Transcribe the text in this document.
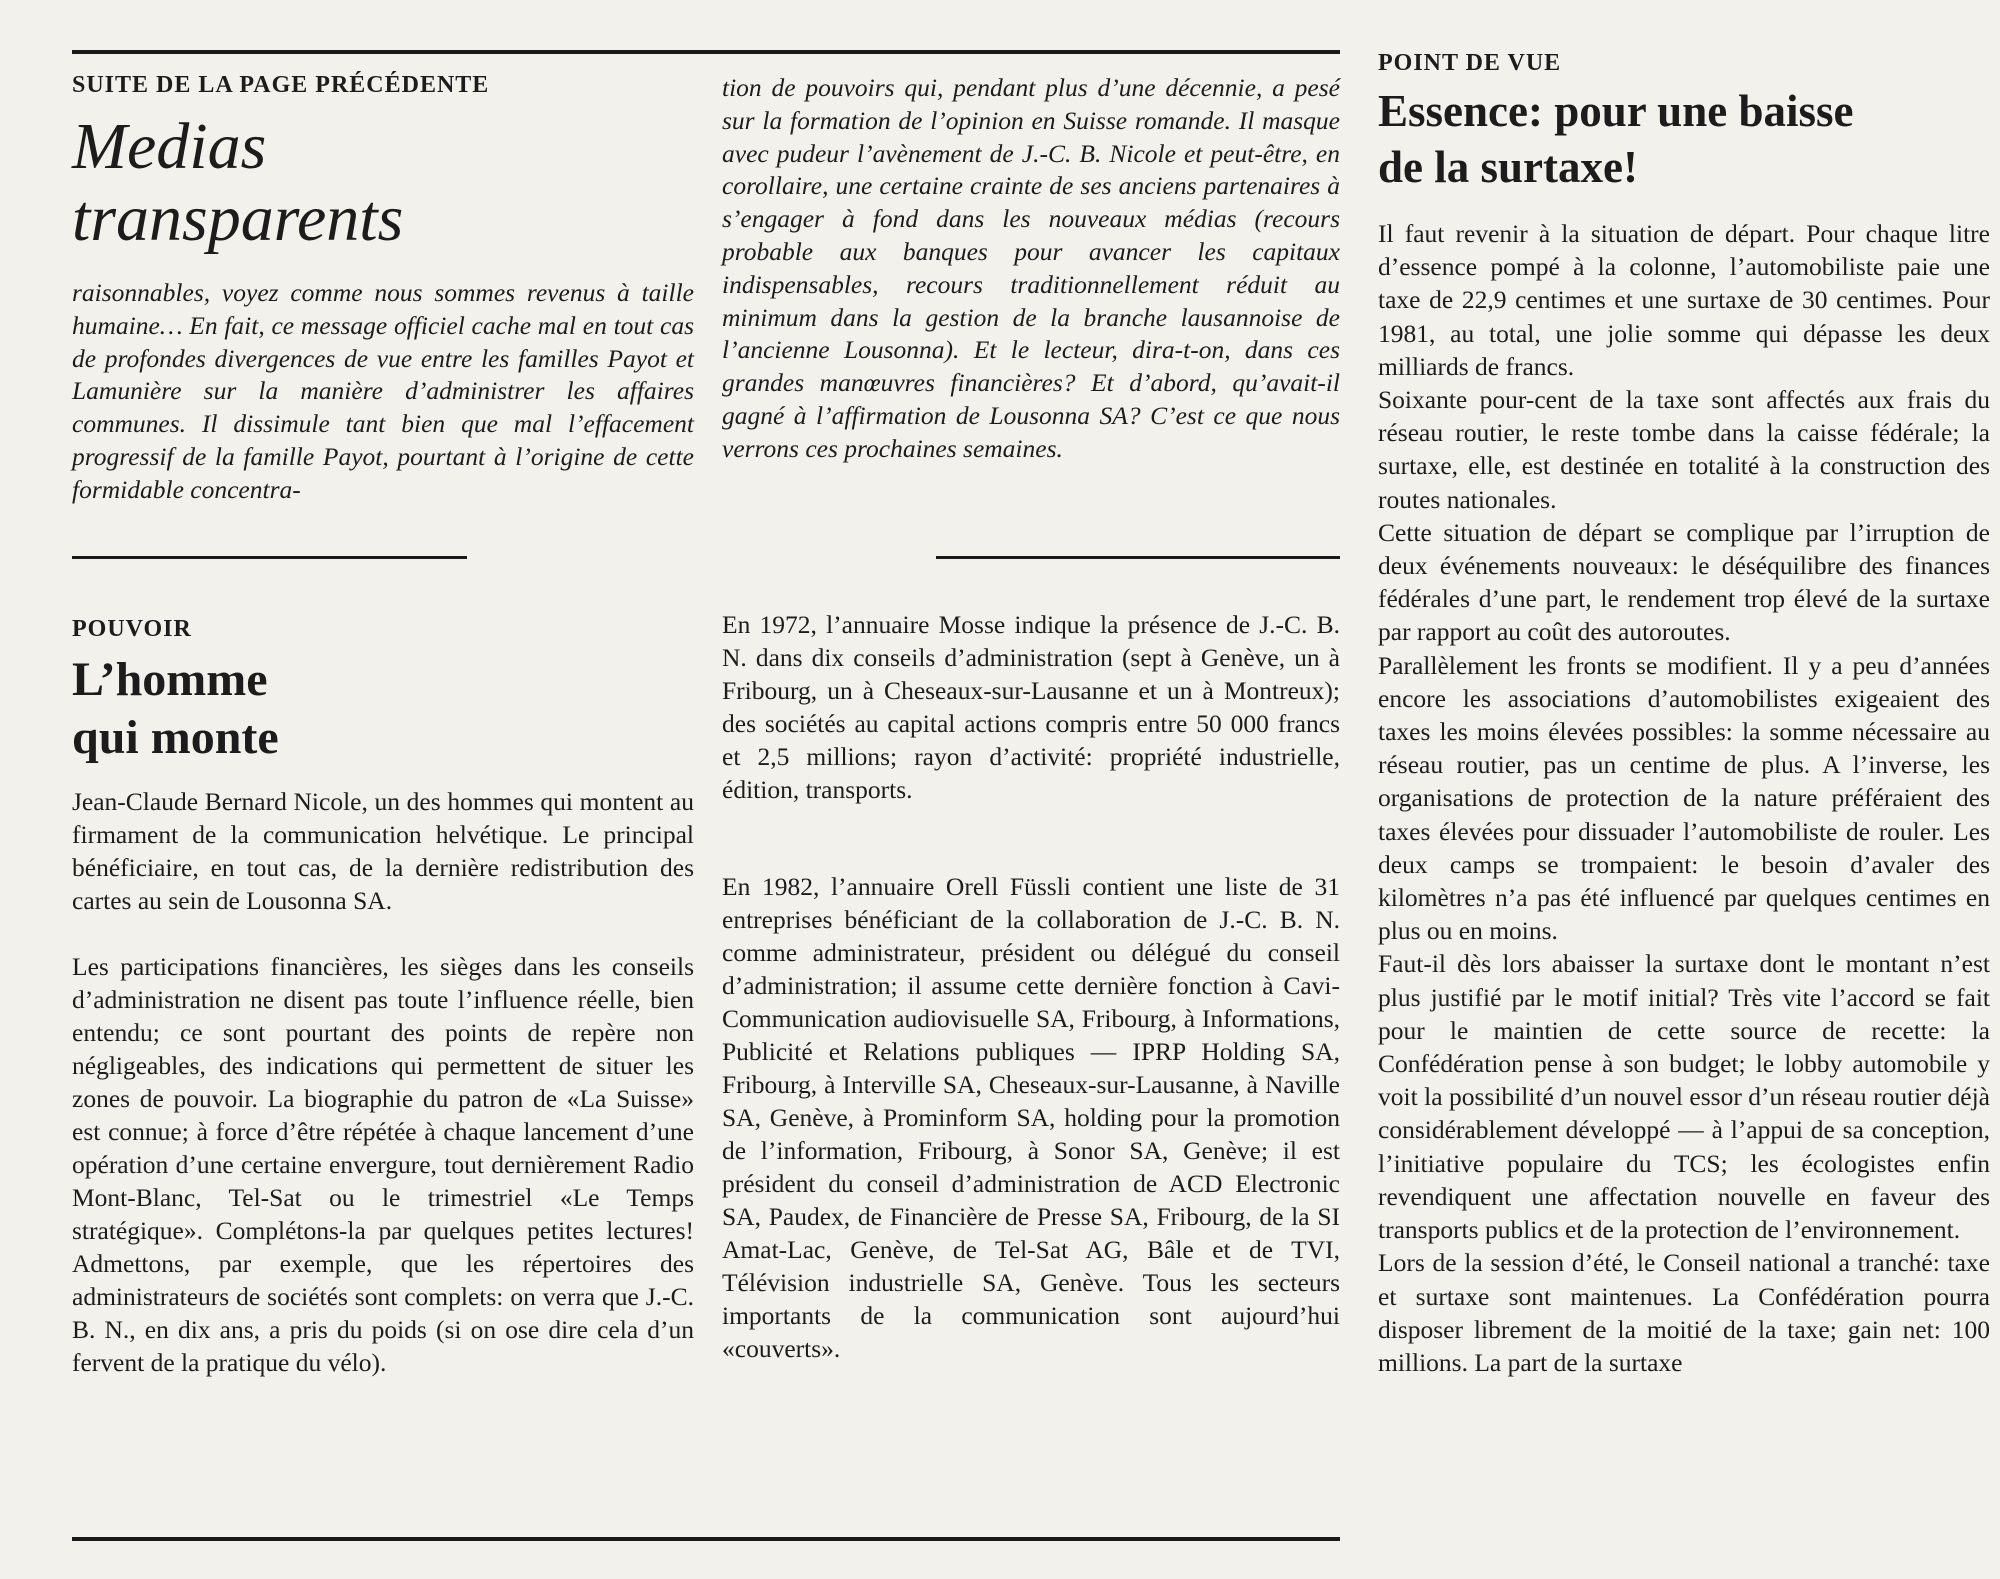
SUITE DE LA PAGE PRÉCÉDENTE
Medias
transparents

raisonnables, voyez comme nous sommes revenus à taille humaine… En fait, ce message officiel cache mal en tout cas de profondes divergences de vue entre les familles Payot et Lamunière sur la manière d’administrer les affaires communes. Il dissimule tant bien que mal l’effacement progressif de la famille Payot, pourtant à l’origine de cette formidable concentra-

tion de pouvoirs qui, pendant plus d’une décennie, a pesé sur la formation de l’opinion en Suisse romande. Il masque avec pudeur l’avènement de J.-C. B. Nicole et peut-être, en corollaire, une certaine crainte de ses anciens partenaires à s’engager à fond dans les nouveaux médias (recours probable aux banques pour avancer les capitaux indispensables, recours traditionnellement réduit au minimum dans la gestion de la branche lausannoise de l’ancienne Lousonna). Et le lecteur, dira-t-on, dans ces grandes manœuvres financières? Et d’abord, qu’avait-il gagné à l’affirmation de Lousonna SA? C’est ce que nous verrons ces prochaines semaines.

POUVOIR
L’homme
qui monte

Jean-Claude Bernard Nicole, un des hommes qui montent au firmament de la communication helvétique. Le principal bénéficiaire, en tout cas, de la dernière redistribution des cartes au sein de Lousonna SA.

Les participations financières, les sièges dans les conseils d’administration ne disent pas toute l’influence réelle, bien entendu; ce sont pourtant des points de repère non négligeables, des indications qui permettent de situer les zones de pouvoir. La biographie du patron de «La Suisse» est connue; à force d’être répétée à chaque lancement d’une opération d’une certaine envergure, tout dernièrement Radio Mont-Blanc, Tel-Sat ou le trimestriel «Le Temps stratégique». Complétons-la par quelques petites lectures! Admettons, par exemple, que les répertoires des administrateurs de sociétés sont complets: on verra que J.-C. B. N., en dix ans, a pris du poids (si on ose dire cela d’un fervent de la pratique du vélo).

En 1972, l’annuaire Mosse indique la présence de J.-C. B. N. dans dix conseils d’administration (sept à Genève, un à Fribourg, un à Cheseaux-sur-Lausanne et un à Montreux); des sociétés au capital actions compris entre 50 000 francs et 2,5 millions; rayon d’activité: propriété industrielle, édition, transports.

En 1982, l’annuaire Orell Füssli contient une liste de 31 entreprises bénéficiant de la collaboration de J.-C. B. N. comme administrateur, président ou délégué du conseil d’administration; il assume cette dernière fonction à Cavi-Communication audiovisuelle SA, Fribourg, à Informations, Publicité et Relations publiques — IPRP Holding SA, Fribourg, à Interville SA, Cheseaux-sur-Lausanne, à Naville SA, Genève, à Prominform SA, holding pour la promotion de l’information, Fribourg, à Sonor SA, Genève; il est président du conseil d’administration de ACD Electronic SA, Paudex, de Financière de Presse SA, Fribourg, de la SI Amat-Lac, Genève, de Tel-Sat AG, Bâle et de TVI, Télévision industrielle SA, Genève. Tous les secteurs importants de la communication sont aujourd’hui «couverts».

POINT DE VUE
Essence: pour une baisse
de la surtaxe!

Il faut revenir à la situation de départ. Pour chaque litre d’essence pompé à la colonne, l’automobiliste paie une taxe de 22,9 centimes et une surtaxe de 30 centimes. Pour 1981, au total, une jolie somme qui dépasse les deux milliards de francs.

Soixante pour-cent de la taxe sont affectés aux frais du réseau routier, le reste tombe dans la caisse fédérale; la surtaxe, elle, est destinée en totalité à la construction des routes nationales.

Cette situation de départ se complique par l’irruption de deux événements nouveaux: le déséquilibre des finances fédérales d’une part, le rendement trop élevé de la surtaxe par rapport au coût des autoroutes.

Parallèlement les fronts se modifient. Il y a peu d’années encore les associations d’automobilistes exigeaient des taxes les moins élevées possibles: la somme nécessaire au réseau routier, pas un centime de plus. A l’inverse, les organisations de protection de la nature préféraient des taxes élevées pour dissuader l’automobiliste de rouler. Les deux camps se trompaient: le besoin d’avaler des kilomètres n’a pas été influencé par quelques centimes en plus ou en moins.

Faut-il dès lors abaisser la surtaxe dont le montant n’est plus justifié par le motif initial? Très vite l’accord se fait pour le maintien de cette source de recette: la Confédération pense à son budget; le lobby automobile y voit la possibilité d’un nouvel essor d’un réseau routier déjà considérablement développé — à l’appui de sa conception, l’initiative populaire du TCS; les écologistes enfin revendiquent une affectation nouvelle en faveur des transports publics et de la protection de l’environnement.

Lors de la session d’été, le Conseil national a tranché: taxe et surtaxe sont maintenues. La Confédération pourra disposer librement de la moitié de la taxe; gain net: 100 millions. La part de la surtaxe
